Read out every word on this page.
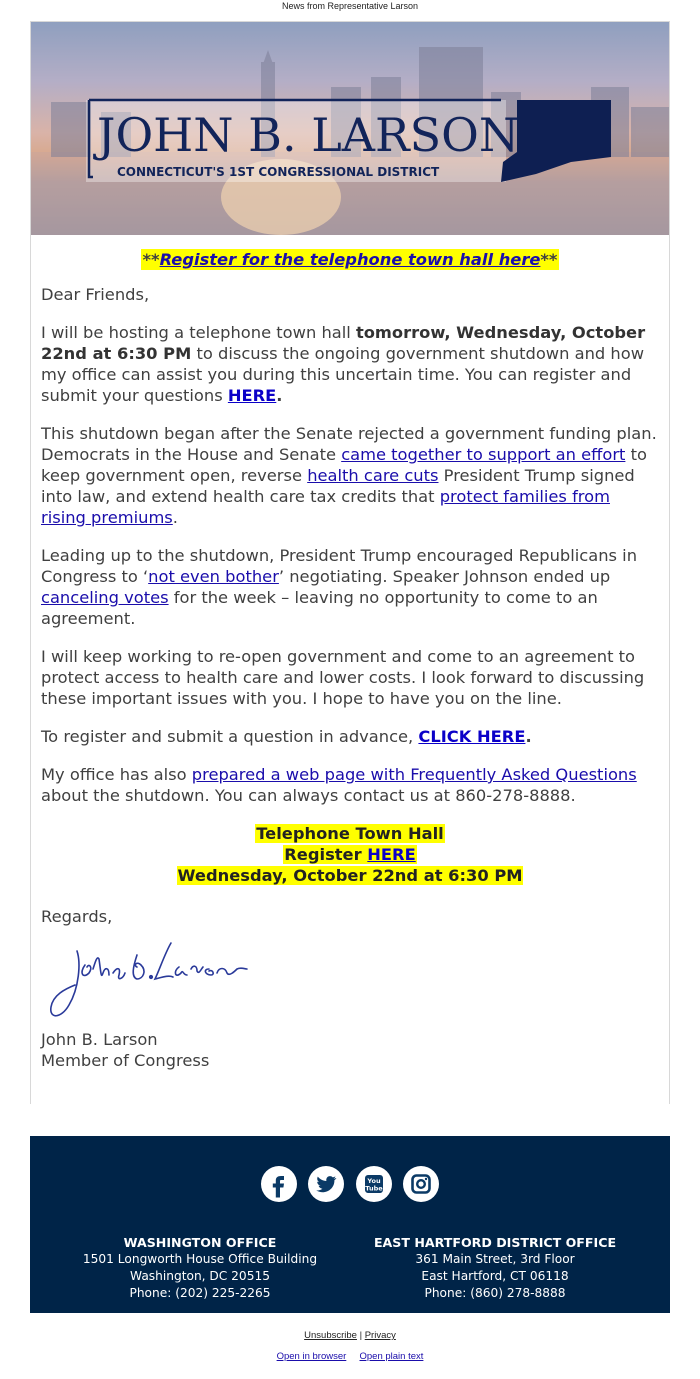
News from Representative Larson
JOHN B. LARSON
CONNECTICUT'S 1ST CONGRESSIONAL DISTRICT
**Register for the telephone town hall here**

Dear Friends,

I will be hosting a telephone town hall tomorrow, Wednesday, October 22nd at 6:30 PM to discuss the ongoing government shutdown and how my office can assist you during this uncertain time. You can register and submit your questions HERE.

This shutdown began after the Senate rejected a government funding plan. Democrats in the House and Senate came together to support an effort to keep government open, reverse health care cuts President Trump signed into law, and extend health care tax credits that protect families from rising premiums.

Leading up to the shutdown, President Trump encouraged Republicans in Congress to ‘not even bother’ negotiating. Speaker Johnson ended up canceling votes for the week – leaving no opportunity to come to an agreement.

I will keep working to re-open government and come to an agreement to protect access to health care and lower costs. I look forward to discussing these important issues with you. I hope to have you on the line.

To register and submit a question in advance, CLICK HERE.

My office has also prepared a web page with Frequently Asked Questions about the shutdown. You can always contact us at 860-278-8888.

Telephone Town Hall
Register HERE
Wednesday, October 22nd at 6:30 PM

Regards,

John B. Larson
Member of Congress

You
Tube

WASHINGTON OFFICE
1501 Longworth House Office Building
Washington, DC 20515
Phone: (202) 225-2265
EAST HARTFORD DISTRICT OFFICE
361 Main Street, 3rd Floor
East Hartford, CT 06118
Phone: (860) 278-8888
Unsubscribe | Privacy
Open in browser Open plain text
